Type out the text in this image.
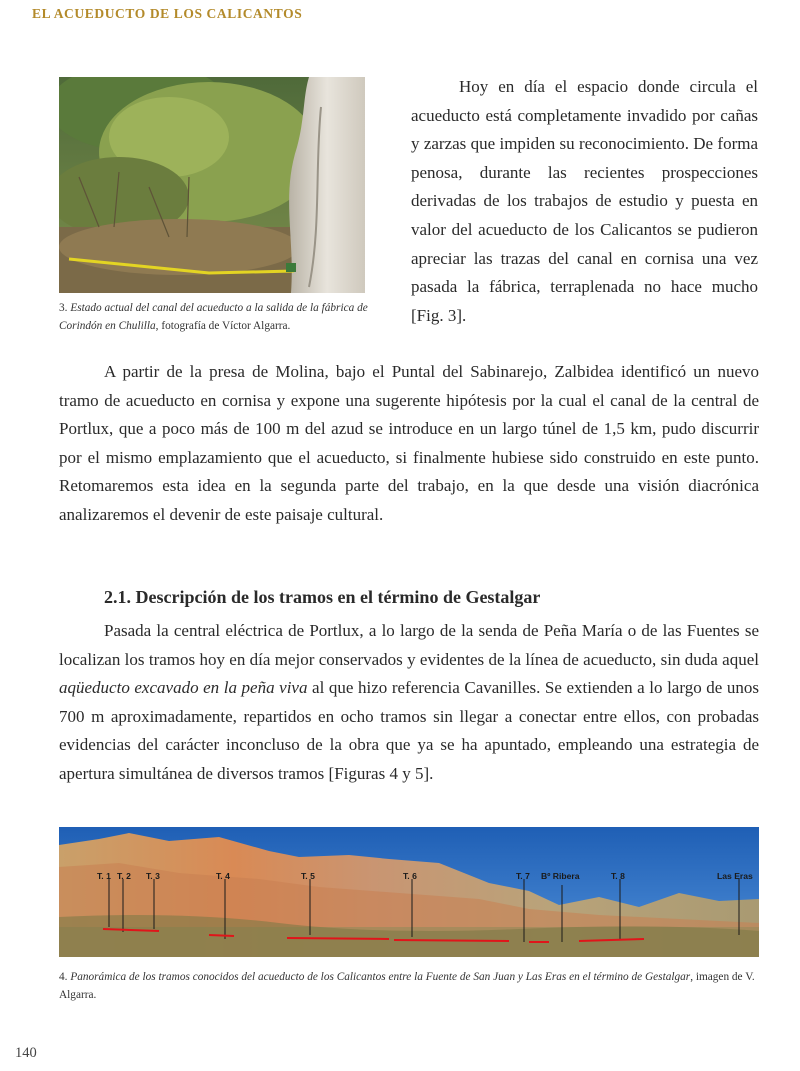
EL ACUEDUCTO DE LOS CALICANTOS
3. Estado actual del canal del acueducto a la salida de la fábrica de Corindón en Chulilla, fotografía de Víctor Algarra.

Hoy en día el espacio donde circula el acueducto está completamente invadido por cañas y zarzas que impiden su reconocimiento. De forma penosa, durante las recientes prospecciones derivadas de los trabajos de estudio y puesta en valor del acueducto de los Calicantos se pudieron apreciar las trazas del canal en cornisa una vez pasada la fábrica, terraplenada no hace mucho [Fig. 3].

A partir de la presa de Molina, bajo el Puntal del Sabinarejo, Zalbidea identificó un nuevo tramo de acueducto en cornisa y expone una sugerente hipótesis por la cual el canal de la central de Portlux, que a poco más de 100 m del azud se introduce en un largo túnel de 1,5 km, pudo discurrir por el mismo emplazamiento que el acueducto, si finalmente hubiese sido construido en este punto. Retomaremos esta idea en la segunda parte del trabajo, en la que desde una visión diacrónica analizaremos el devenir de este paisaje cultural.

2.1. Descripción de los tramos en el término de Gestalgar

Pasada la central eléctrica de Portlux, a lo largo de la senda de Peña María o de las Fuentes se localizan los tramos hoy en día mejor conservados y evidentes de la línea de acueducto, sin duda aquel aqüeducto excavado en la peña viva al que hizo referencia Cavanilles. Se extienden a lo largo de unos 700 m aproximadamente, repartidos en ocho tramos sin llegar a conectar entre ellos, con probadas evidencias del carácter inconcluso de la obra que ya se ha apuntado, empleando una estrategia de apertura simultánea de diversos tramos [Figuras 4 y 5].

T. 1 T. 2 T. 3	T. 4	T. 5	T. 6	T. 7 Bº Ribera	T. 8	Las Eras
4. Panorámica de los tramos conocidos del acueducto de los Calicantos entre la Fuente de San Juan y Las Eras en el término de Gestalgar, imagen de V. Algarra.
140
